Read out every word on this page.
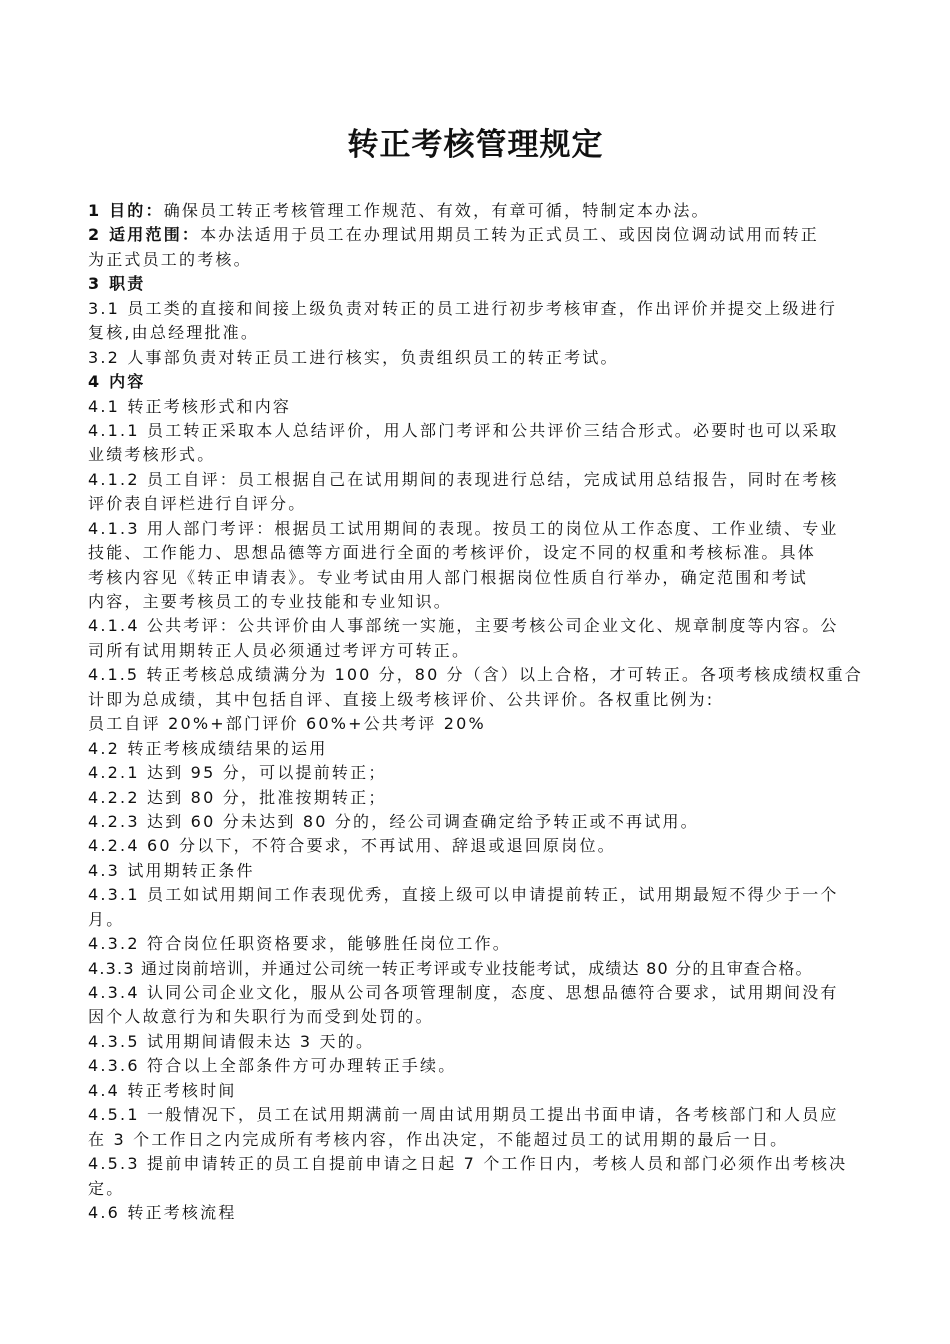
转正考核管理规定
1 目的：确保员工转正考核管理工作规范、有效，有章可循，特制定本办法。
2 适用范围：本办法适用于员工在办理试用期员工转为正式员工、或因岗位调动试用而转正
为正式员工的考核。
3 职责
3.1 员工类的直接和间接上级负责对转正的员工进行初步考核审查，作出评价并提交上级进行
复核,由总经理批准。
3.2 人事部负责对转正员工进行核实，负责组织员工的转正考试。
4 内容
4.1 转正考核形式和内容
4.1.1 员工转正采取本人总结评价，用人部门考评和公共评价三结合形式。必要时也可以采取
业绩考核形式。
4.1.2 员工自评：员工根据自己在试用期间的表现进行总结，完成试用总结报告，同时在考核
评价表自评栏进行自评分。
4.1.3 用人部门考评：根据员工试用期间的表现。按员工的岗位从工作态度、工作业绩、专业
技能、工作能力、思想品德等方面进行全面的考核评价，设定不同的权重和考核标准。具体
考核内容见《转正申请表》。专业考试由用人部门根据岗位性质自行举办，确定范围和考试
内容，主要考核员工的专业技能和专业知识。
4.1.4 公共考评：公共评价由人事部统一实施，主要考核公司企业文化、规章制度等内容。公
司所有试用期转正人员必须通过考评方可转正。
4.1.5 转正考核总成绩满分为 100 分，80 分（含）以上合格，才可转正。各项考核成绩权重合
计即为总成绩，其中包括自评、直接上级考核评价、公共评价。各权重比例为:
员工自评 20%+部门评价 60%+公共考评 20%
4.2 转正考核成绩结果的运用
4.2.1 达到 95 分，可以提前转正；
4.2.2 达到 80 分，批准按期转正；
4.2.3 达到 60 分未达到 80 分的，经公司调查确定给予转正或不再试用。
4.2.4 60 分以下，不符合要求，不再试用、辞退或退回原岗位。
4.3 试用期转正条件
4.3.1 员工如试用期间工作表现优秀，直接上级可以申请提前转正，试用期最短不得少于一个
月。
4.3.2 符合岗位任职资格要求，能够胜任岗位工作。
4.3.3 通过岗前培训，并通过公司统一转正考评或专业技能考试，成绩达 80 分的且审查合格。
4.3.4 认同公司企业文化，服从公司各项管理制度，态度、思想品德符合要求，试用期间没有
因个人故意行为和失职行为而受到处罚的。
4.3.5 试用期间请假未达 3 天的。
4.3.6 符合以上全部条件方可办理转正手续。
4.4 转正考核时间
4.5.1 一般情况下，员工在试用期满前一周由试用期员工提出书面申请，各考核部门和人员应
在 3 个工作日之内完成所有考核内容，作出决定，不能超过员工的试用期的最后一日。
4.5.3 提前申请转正的员工自提前申请之日起 7 个工作日内，考核人员和部门必须作出考核决
定。
4.6 转正考核流程
